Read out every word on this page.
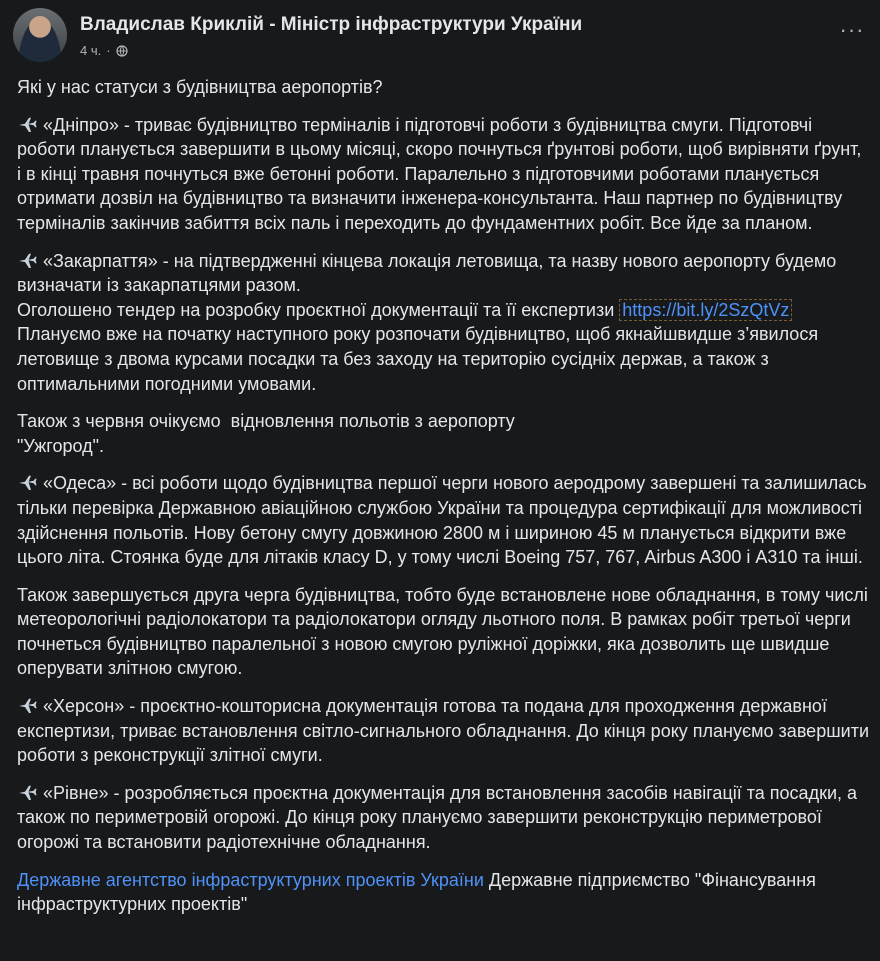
Владислав Криклій - Міністр інфраструктури України
4 ч. ·
···

Які у нас статуси з будівництва аеропортів?

«Дніпро» - триває будівництво терміналів і підготовчі роботи з будівництва смуги. Підготовчі роботи планується завершити в цьому місяці, скоро почнуться ґрунтові роботи, щоб вирівняти ґрунт, і в кінці травня почнуться вже бетонні роботи. Паралельно з підготовчими роботами планується отримати дозвіл на будівництво та визначити інженера-консультанта. Наш партнер по будівництву терміналів закінчив забиття всіх паль і переходить до фундаментних робіт. Все йде за планом.

«Закарпаття» - на підтвердженні кінцева локація летовища, та назву нового аеропорту будемо визначати із закарпатцями разом.
Оголошено тендер на розробку проєктної документації та її експертизи https://bit.ly/2SzQtVz
Плануємо вже на початку наступного року розпочати будівництво, щоб якнайшвидше з’явилося летовище з двома курсами посадки та без заходу на територію сусідніх держав, а також з оптимальними погодними умовами.

Також з червня очікуємо  відновлення польотів з аеропорту
"Ужгород".

«Одеса» - всі роботи щодо будівництва першої черги нового аеродрому завершені та залишилась тільки перевірка Державною авіаційною службою України та процедура сертифікації для можливості здійснення польотів. Нову бетону смугу довжиною 2800 м і шириною 45 м планується відкрити вже цього літа. Стоянка буде для літаків класу D, у тому числі Boeing 757, 767, Airbus A300 і A310 та інші.

Також завершується друга черга будівництва, тобто буде встановлене нове обладнання, в тому числі метеорологічні радіолокатори та радіолокатори огляду льотного поля. В рамках робіт третьої черги почнеться будівництво паралельної з новою смугою руліжної доріжки, яка дозволить ще швидше оперувати злітною смугою.

«Херсон» - проєктно-кошторисна документація готова та подана для проходження державної експертизи, триває встановлення світло-сигнального обладнання. До кінця року плануємо завершити роботи з реконструкції злітної смуги.

«Рівне» - розробляється проєктна документація для встановлення засобів навігації та посадки, а також по периметровій огорожі. До кінця року плануємо завершити реконструкцію периметрової огорожі та встановити радіотехнічне обладнання.

Державне агентство інфраструктурних проектів України Державне підприємство "Фінансування інфраструктурних проектів"
